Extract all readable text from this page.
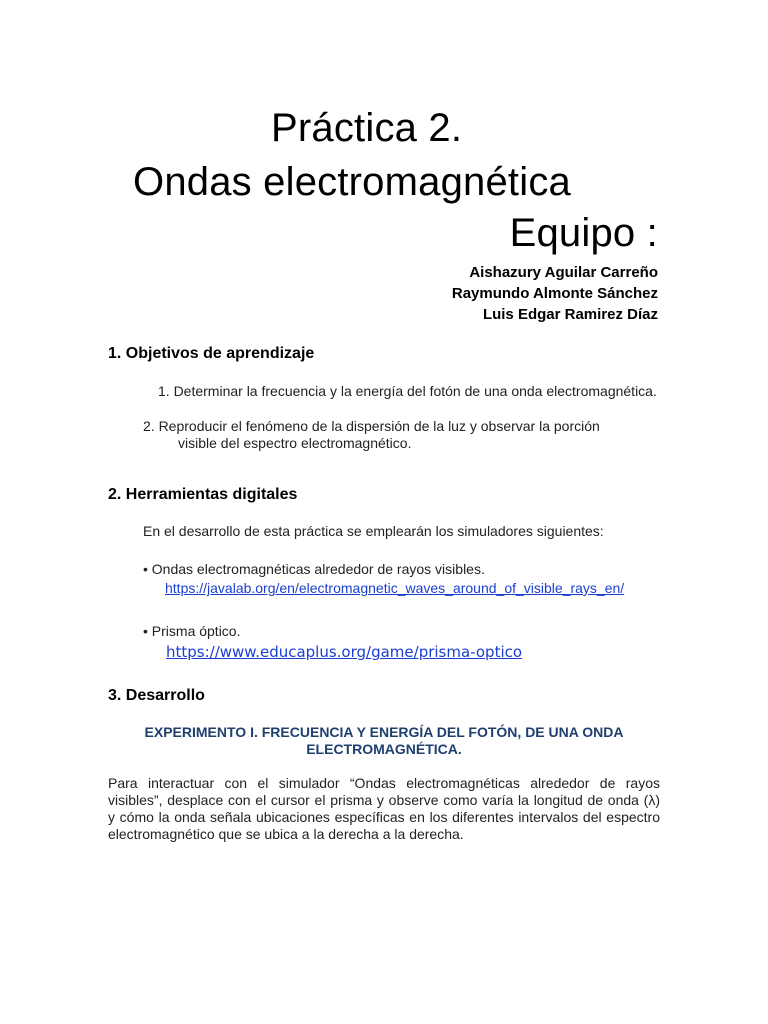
Práctica 2.
Ondas electromagnética
Equipo :
Aishazury Aguilar Carreño
Raymundo Almonte Sánchez
Luis Edgar Ramirez Díaz
1. Objetivos de aprendizaje
1. Determinar la frecuencia y la energía del fotón de una onda electromagnética.
2. Reproducir el fenómeno de la dispersión de la luz y observar la porción
visible del espectro electromagnético.
2. Herramientas digitales
En el desarrollo de esta práctica se emplearán los simuladores siguientes:
• Ondas electromagnéticas alrededor de rayos visibles.
https://javalab.org/en/electromagnetic_waves_around_of_visible_rays_en/
• Prisma óptico.
https://www.educaplus.org/game/prisma-optico
3. Desarrollo
EXPERIMENTO I. FRECUENCIA Y ENERGÍA DEL FOTÓN, DE UNA ONDA
ELECTROMAGNÉTICA.
Para interactuar con el simulador “Ondas electromagnéticas alrededor de rayos
visibles”, desplace con el cursor el prisma y observe como varía la longitud de onda (λ)
y cómo la onda señala ubicaciones específicas en los diferentes intervalos del espectro
electromagnético que se ubica a la derecha a la derecha.
